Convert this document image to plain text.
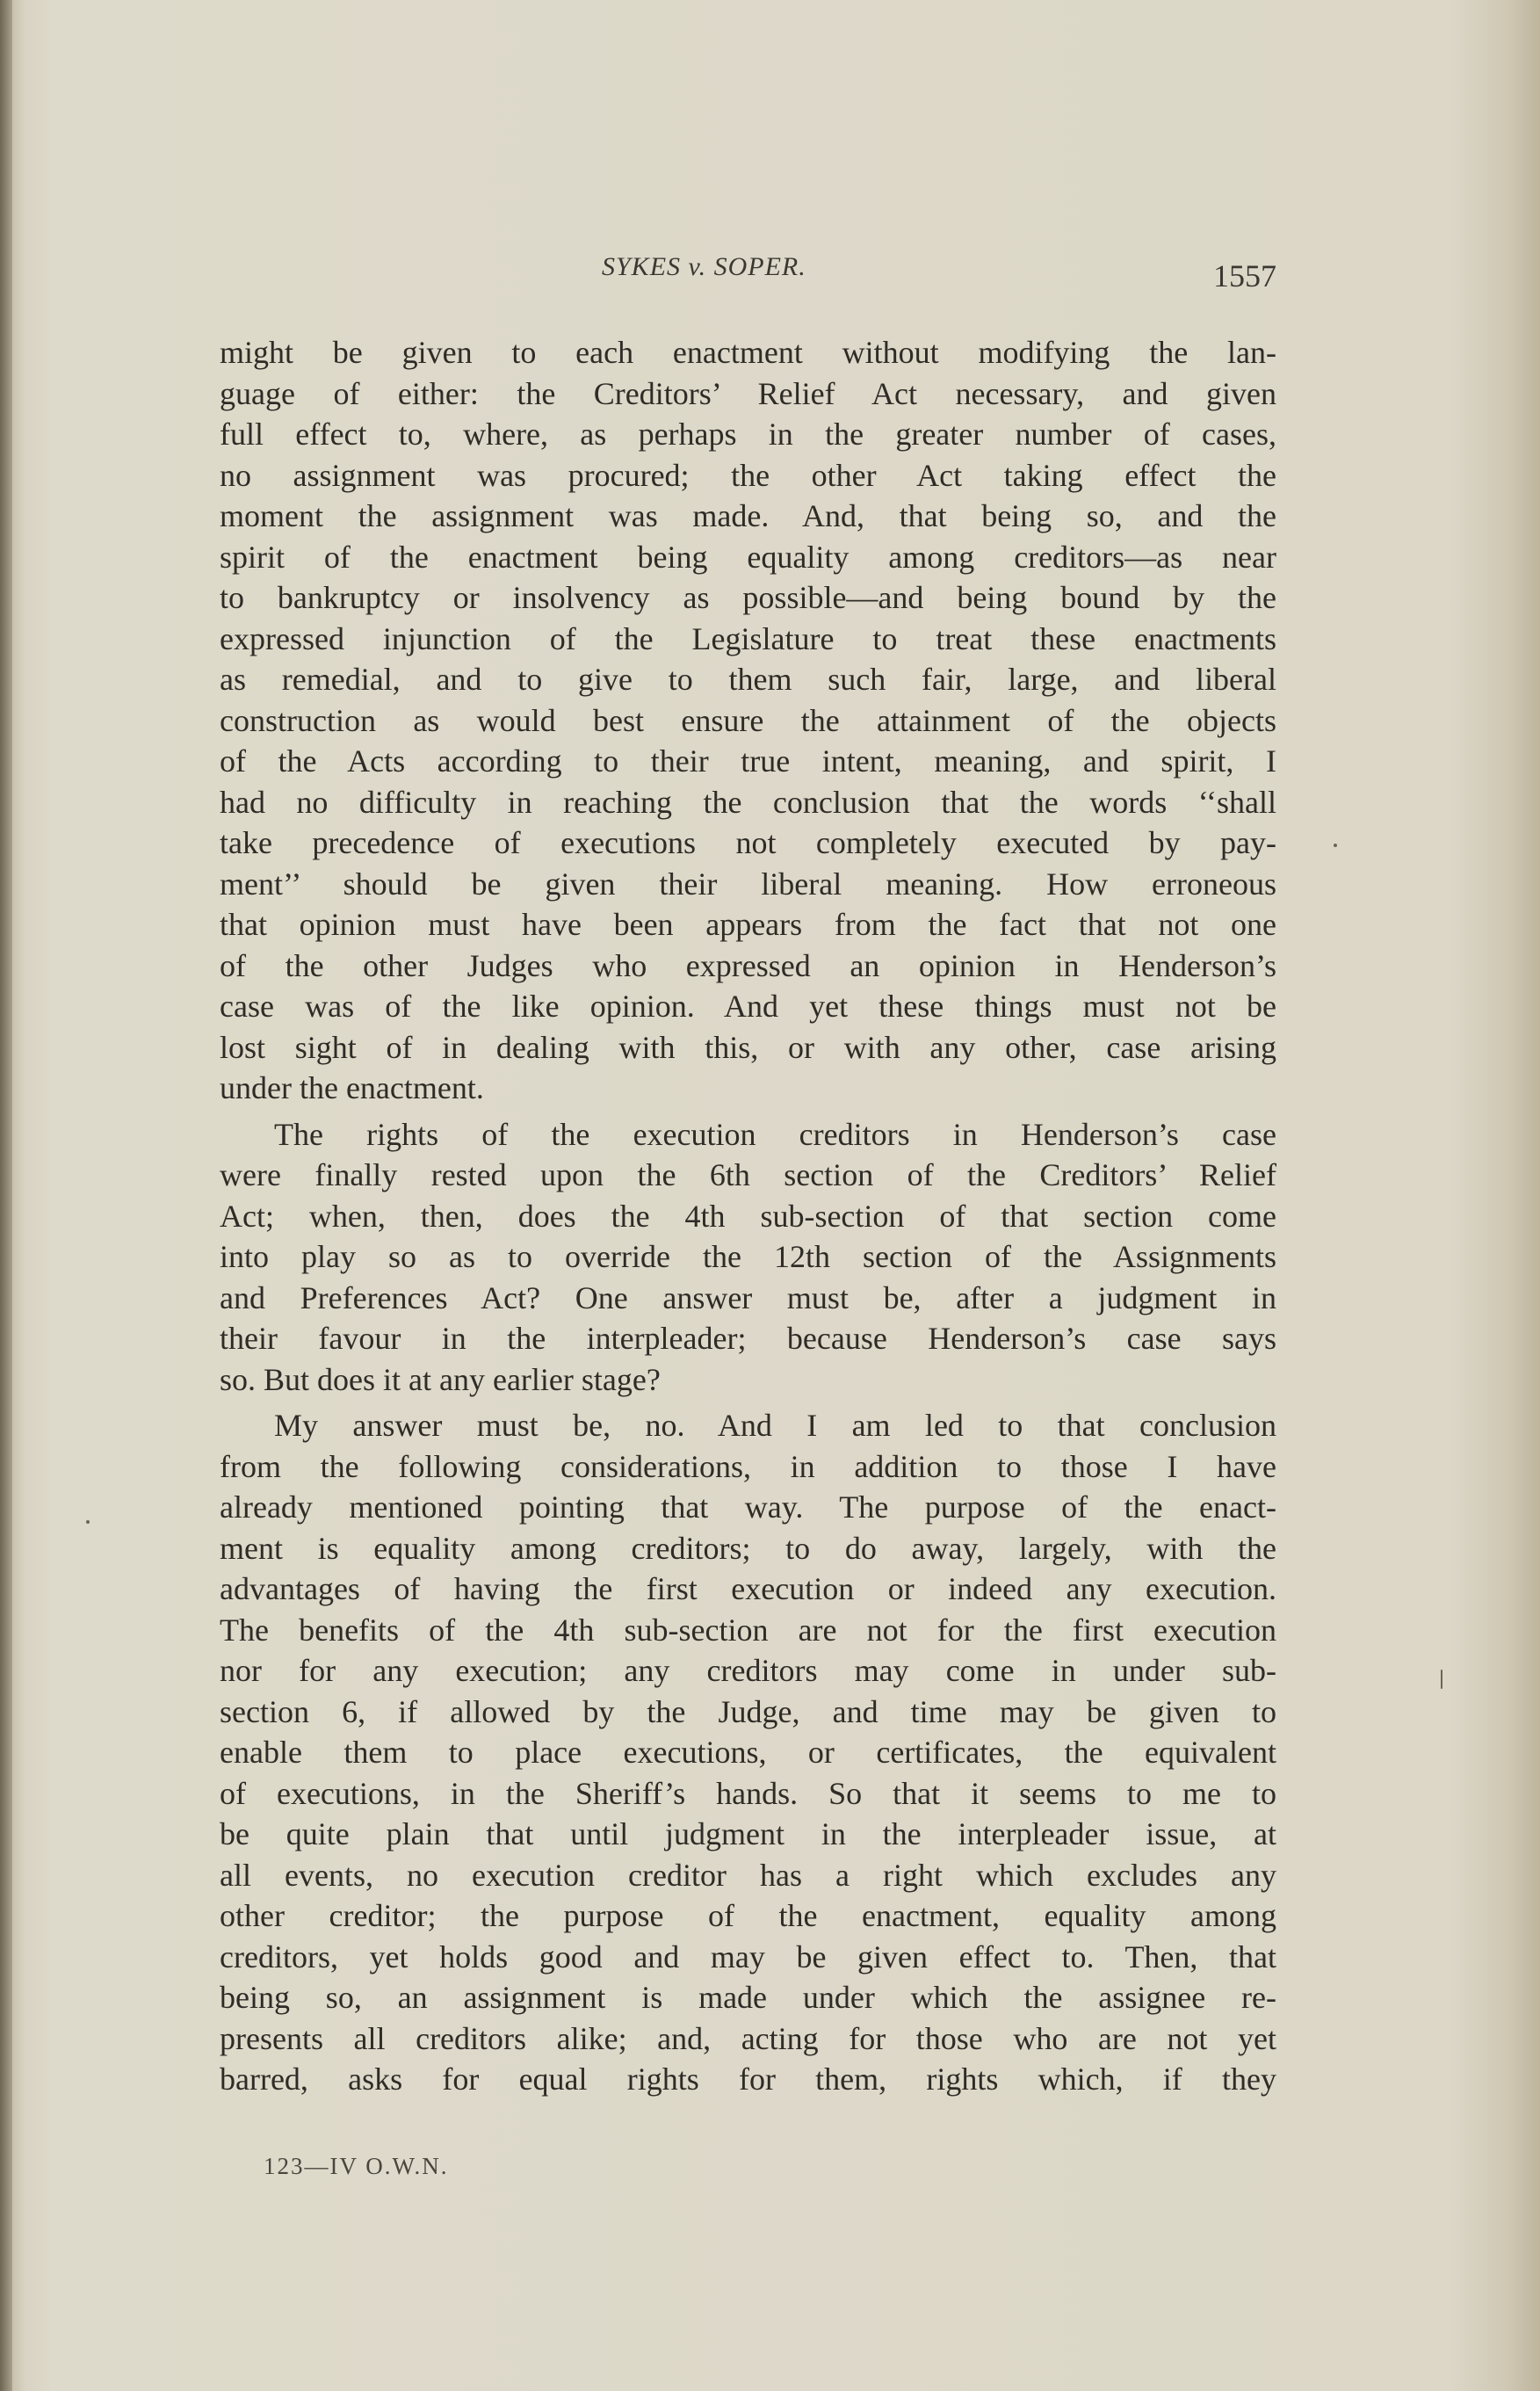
SYKES v. SOPER.	1557
might be given to each enactment without modifying the lan-
guage of either: the Creditors’ Relief Act necessary, and given
full effect to, where, as perhaps in the greater number of cases,
no assignment was procured; the other Act taking effect the
moment the assignment was made. And, that being so, and the
spirit of the enactment being equality among creditors—as near
to bankruptcy or insolvency as possible—and being bound by the
expressed injunction of the Legislature to treat these enactments
as remedial, and to give to them such fair, large, and liberal
construction as would best ensure the attainment of the objects
of the Acts according to their true intent, meaning, and spirit, I
had no difficulty in reaching the conclusion that the words ‘‘shall
take precedence of executions not completely executed by pay-
ment’’ should be given their liberal meaning. How erroneous
that opinion must have been appears from the fact that not one
of the other Judges who expressed an opinion in Henderson’s
case was of the like opinion. And yet these things must not be
lost sight of in dealing with this, or with any other, case arising
under the enactment.
The rights of the execution creditors in Henderson’s case
were finally rested upon the 6th section of the Creditors’ Relief
Act; when, then, does the 4th sub-section of that section come
into play so as to override the 12th section of the Assignments
and Preferences Act? One answer must be, after a judgment in
their favour in the interpleader; because Henderson’s case says
so. But does it at any earlier stage?
My answer must be, no. And I am led to that conclusion
from the following considerations, in addition to those I have
already mentioned pointing that way. The purpose of the enact-
ment is equality among creditors; to do away, largely, with the
advantages of having the first execution or indeed any execution.
The benefits of the 4th sub-section are not for the first execution
nor for any execution; any creditors may come in under sub-
section 6, if allowed by the Judge, and time may be given to
enable them to place executions, or certificates, the equivalent
of executions, in the Sheriff’s hands. So that it seems to me to
be quite plain that until judgment in the interpleader issue, at
all events, no execution creditor has a right which excludes any
other creditor; the purpose of the enactment, equality among
creditors, yet holds good and may be given effect to. Then, that
being so, an assignment is made under which the assignee re-
presents all creditors alike; and, acting for those who are not yet
barred, asks for equal rights for them, rights which, if they
123—IV O.W.N.
